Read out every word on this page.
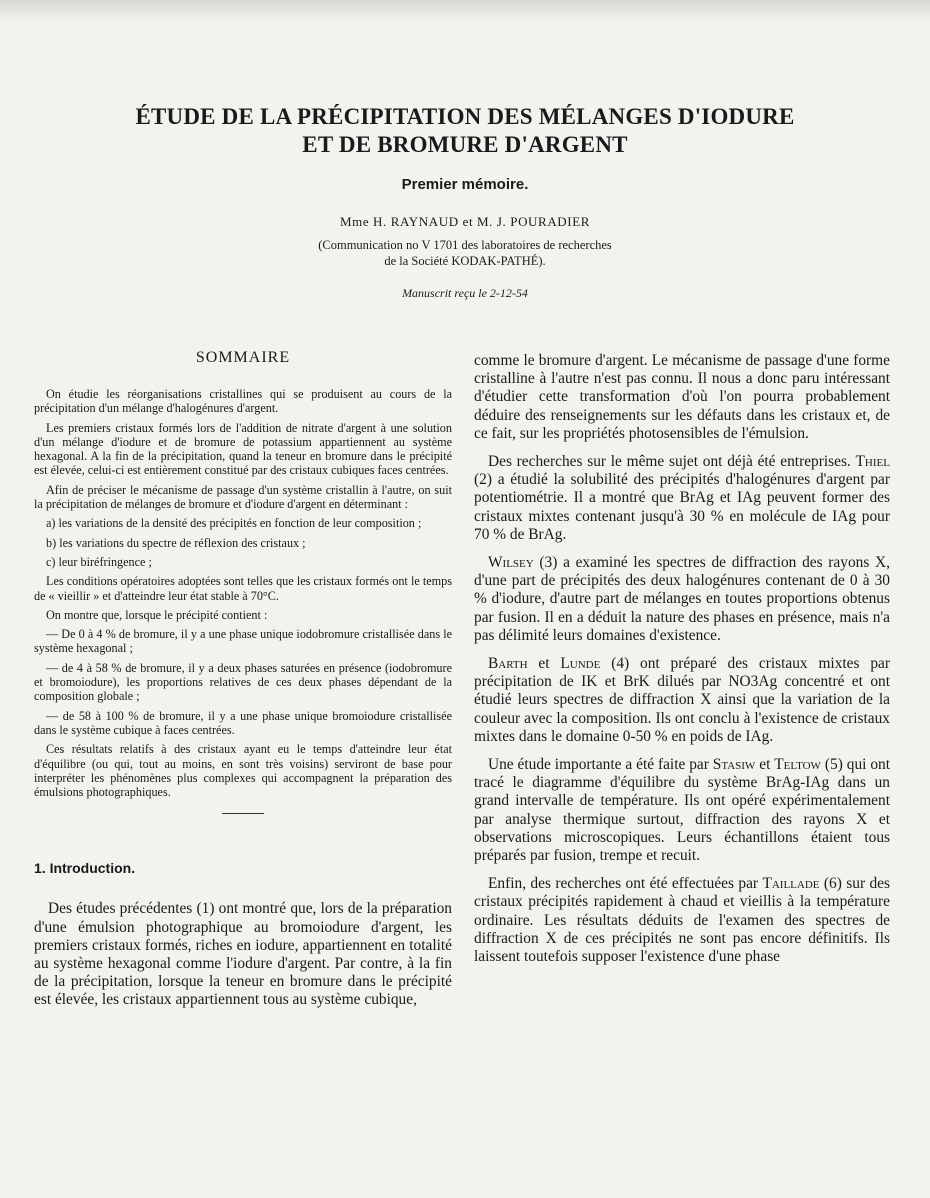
ÉTUDE DE LA PRÉCIPITATION DES MÉLANGES D'IODURE
ET DE BROMURE D'ARGENT

Premier mémoire.

Mme H. RAYNAUD et M. J. POURADIER

(Communication no V 1701 des laboratoires de recherches

de la Société KODAK-PATHÉ).

Manuscrit reçu le 2-12-54

SOMMAIRE

On étudie les réorganisations cristallines qui se produisent au cours de la précipitation d'un mélange d'halogénures d'argent.

Les premiers cristaux formés lors de l'addition de nitrate d'argent à une solution d'un mélange d'iodure et de bromure de potassium appartiennent au système hexagonal. A la fin de la précipitation, quand la teneur en bromure dans le précipité est élevée, celui-ci est entièrement constitué par des cristaux cubiques faces centrées.

Afin de préciser le mécanisme de passage d'un système cristallin à l'autre, on suit la précipitation de mélanges de bromure et d'iodure d'argent en déterminant :

a) les variations de la densité des précipités en fonction de leur composition ;

b) les variations du spectre de réflexion des cristaux ;

c) leur biréfringence ;

Les conditions opératoires adoptées sont telles que les cristaux formés ont le temps de « vieillir » et d'atteindre leur état stable à 70°C.

On montre que, lorsque le précipité contient :

— De 0 à 4 % de bromure, il y a une phase unique iodobromure cristallisée dans le système hexagonal ;

— de 4 à 58 % de bromure, il y a deux phases saturées en présence (iodobromure et bromoiodure), les proportions relatives de ces deux phases dépendant de la composition globale ;

— de 58 à 100 % de bromure, il y a une phase unique bromoiodure cristallisée dans le système cubique à faces centrées.

Ces résultats relatifs à des cristaux ayant eu le temps d'atteindre leur état d'équilibre (ou qui, tout au moins, en sont très voisins) serviront de base pour interpréter les phénomènes plus complexes qui accompagnent la préparation des émulsions photographiques.

1. Introduction.

Des études précédentes (1) ont montré que, lors de la préparation d'une émulsion photographique au bromoiodure d'argent, les premiers cristaux formés, riches en iodure, appartiennent en totalité au système hexagonal comme l'iodure d'argent. Par contre, à la fin de la précipitation, lorsque la teneur en bromure dans le précipité est élevée, les cristaux appartiennent tous au système cubique,

comme le bromure d'argent. Le mécanisme de passage d'une forme cristalline à l'autre n'est pas connu. Il nous a donc paru intéressant d'étudier cette transformation d'où l'on pourra probablement déduire des renseignements sur les défauts dans les cristaux et, de ce fait, sur les propriétés photosensibles de l'émulsion.

Des recherches sur le même sujet ont déjà été entreprises. Thiel (2) a étudié la solubilité des précipités d'halogénures d'argent par potentiométrie. Il a montré que BrAg et IAg peuvent former des cristaux mixtes contenant jusqu'à 30 % en molécule de IAg pour 70 % de BrAg.

Wilsey (3) a examiné les spectres de diffraction des rayons X, d'une part de précipités des deux halogénures contenant de 0 à 30 % d'iodure, d'autre part de mélanges en toutes proportions obtenus par fusion. Il en a déduit la nature des phases en présence, mais n'a pas délimité leurs domaines d'existence.

Barth et Lunde (4) ont préparé des cristaux mixtes par précipitation de IK et BrK dilués par NO3Ag concentré et ont étudié leurs spectres de diffraction X ainsi que la variation de la couleur avec la composition. Ils ont conclu à l'existence de cristaux mixtes dans le domaine 0-50 % en poids de IAg.

Une étude importante a été faite par Stasiw et Teltow (5) qui ont tracé le diagramme d'équilibre du système BrAg-IAg dans un grand intervalle de température. Ils ont opéré expérimentalement par analyse thermique surtout, diffraction des rayons X et observations microscopiques. Leurs échantillons étaient tous préparés par fusion, trempe et recuit.

Enfin, des recherches ont été effectuées par Taillade (6) sur des cristaux précipités rapidement à chaud et vieillis à la température ordinaire. Les résultats déduits de l'examen des spectres de diffraction X de ces précipités ne sont pas encore définitifs. Ils laissent toutefois supposer l'existence d'une phase
